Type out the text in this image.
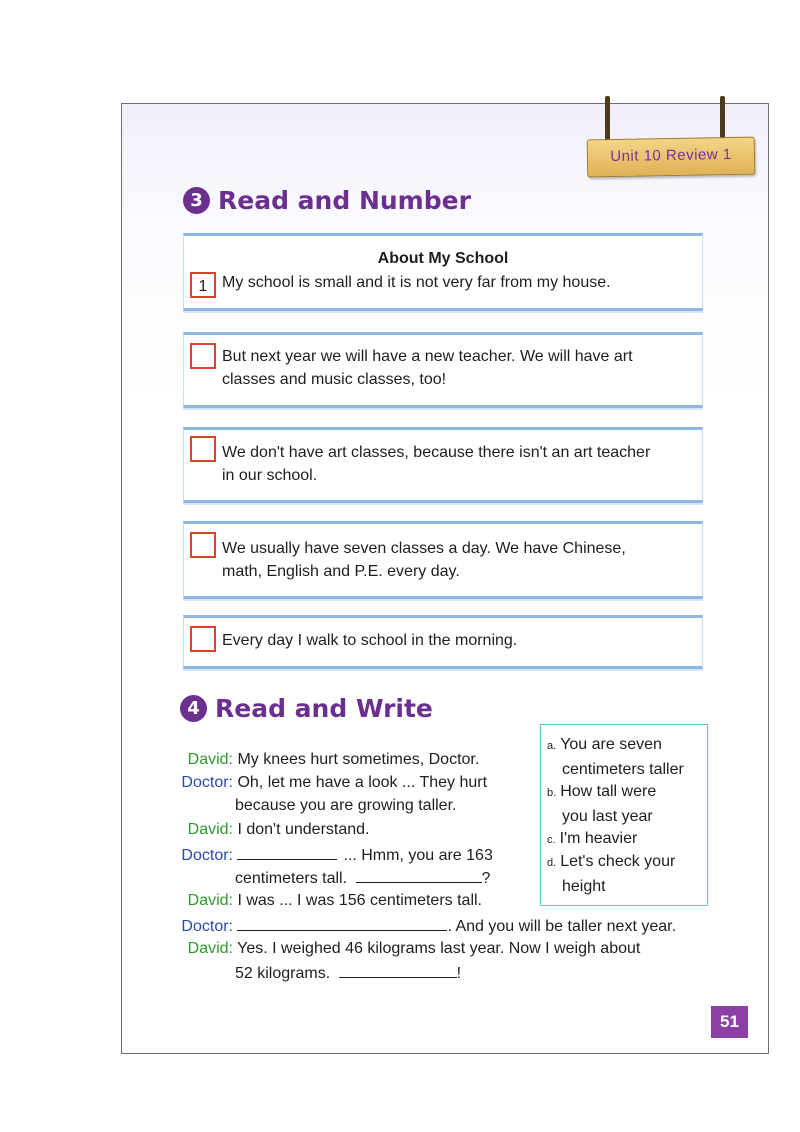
Unit 10 Review 1
3 Read and Number
About My School
1 My school is small and it is not very far from my house.
But next year we will have a new teacher. We will have art
classes and music classes, too!
We don't have art classes, because there isn't an art teacher
in our school.
We usually have seven classes a day. We have Chinese,
math, English and P.E. every day.
Every day I walk to school in the morning.
4 Read and Write
a. You are seven
centimeters taller
b. How tall were
you last year
c. I'm heavier
d. Let's check your
height
David: My knees hurt sometimes, Doctor.
Doctor: Oh, let me have a look ... They hurt
because you are growing taller.
David: I don't understand.
Doctor:	... Hmm, you are 163
centimeters tall.	?
David: I was ... I was 156 centimeters tall.
Doctor:	. And you will be taller next year.
David: Yes. I weighed 46 kilograms last year. Now I weigh about
52 kilograms.	!
51
